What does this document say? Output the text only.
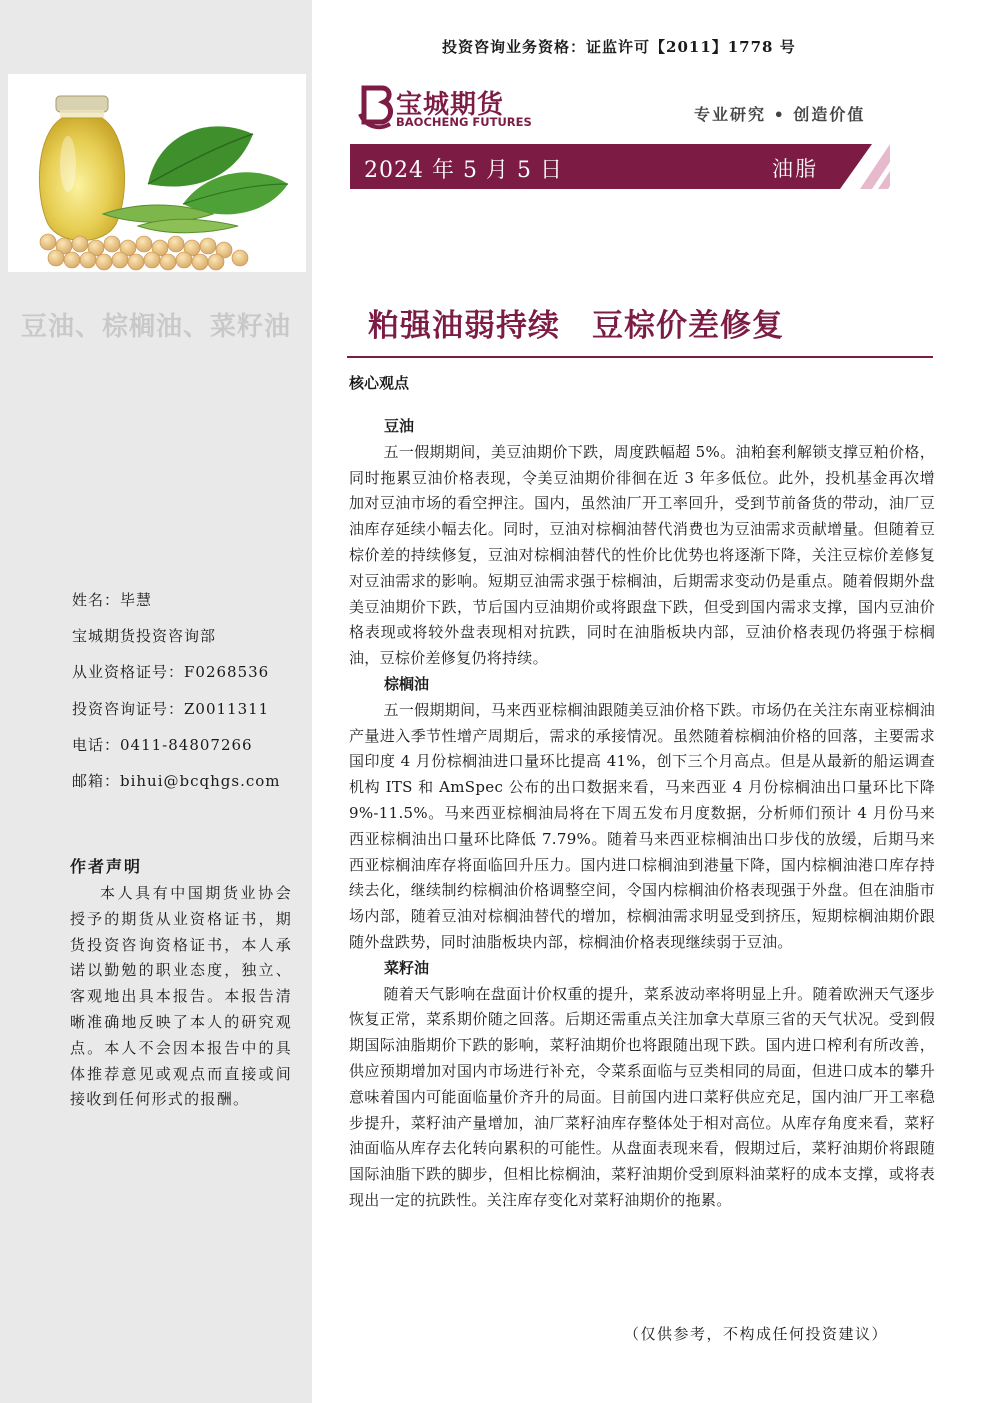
豆油、棕榈油、菜籽油
姓名：毕慧
宝城期货投资咨询部
从业资格证号：F0268536
投资咨询证号：Z0011311
电话：0411-84807266
邮箱：bihui@bcqhgs.com
作者声明
本人具有中国期货业协会授予的期货从业资格证书，期货投资咨询资格证书，本人承诺以勤勉的职业态度，独立、客观地出具本报告。本报告清晰准确地反映了本人的研究观点。本人不会因本报告中的具体推荐意见或观点而直接或间接收到任何形式的报酬。
投资咨询业务资格：证监许可【2011】1778 号
宝城期货
BAOCHENG FUTURES	专业研究 • 创造价值
2024 年 5 月 5 日	油脂
粕强油弱持续 豆棕价差修复
核心观点
豆油

五一假期期间，美豆油期价下跌，周度跌幅超 5%。油粕套利解锁支撑豆粕价格，同时拖累豆油价格表现，令美豆油期价徘徊在近 3 年多低位。此外，投机基金再次增加对豆油市场的看空押注。国内，虽然油厂开工率回升，受到节前备货的带动，油厂豆油库存延续小幅去化。同时，豆油对棕榈油替代消费也为豆油需求贡献增量。但随着豆棕价差的持续修复，豆油对棕榈油替代的性价比优势也将逐渐下降，关注豆棕价差修复对豆油需求的影响。短期豆油需求强于棕榈油，后期需求变动仍是重点。随着假期外盘美豆油期价下跌，节后国内豆油期价或将跟盘下跌，但受到国内需求支撑，国内豆油价格表现或将较外盘表现相对抗跌，同时在油脂板块内部，豆油价格表现仍将强于棕榈油，豆棕价差修复仍将持续。

棕榈油

五一假期期间，马来西亚棕榈油跟随美豆油价格下跌。市场仍在关注东南亚棕榈油产量进入季节性增产周期后，需求的承接情况。虽然随着棕榈油价格的回落，主要需求国印度 4 月份棕榈油进口量环比提高 41%，创下三个月高点。但是从最新的船运调查机构 ITS 和 AmSpec 公布的出口数据来看，马来西亚 4 月份棕榈油出口量环比下降 9%-11.5%。马来西亚棕榈油局将在下周五发布月度数据，分析师们预计 4 月份马来西亚棕榈油出口量环比降低 7.79%。随着马来西亚棕榈油出口步伐的放缓，后期马来西亚棕榈油库存将面临回升压力。国内进口棕榈油到港量下降，国内棕榈油港口库存持续去化，继续制约棕榈油价格调整空间，令国内棕榈油价格表现强于外盘。但在油脂市场内部，随着豆油对棕榈油替代的增加，棕榈油需求明显受到挤压，短期棕榈油期价跟随外盘跌势，同时油脂板块内部，棕榈油价格表现继续弱于豆油。

菜籽油

随着天气影响在盘面计价权重的提升，菜系波动率将明显上升。随着欧洲天气逐步恢复正常，菜系期价随之回落。后期还需重点关注加拿大草原三省的天气状况。受到假期国际油脂期价下跌的影响，菜籽油期价也将跟随出现下跌。国内进口榨利有所改善，供应预期增加对国内市场进行补充，令菜系面临与豆类相同的局面，但进口成本的攀升意味着国内可能面临量价齐升的局面。目前国内进口菜籽供应充足，国内油厂开工率稳步提升，菜籽油产量增加，油厂菜籽油库存整体处于相对高位。从库存角度来看，菜籽油面临从库存去化转向累积的可能性。从盘面表现来看，假期过后，菜籽油期价将跟随国际油脂下跌的脚步，但相比棕榈油，菜籽油期价受到原料油菜籽的成本支撑，或将表现出一定的抗跌性。关注库存变化对菜籽油期价的拖累。

（仅供参考，不构成任何投资建议）
